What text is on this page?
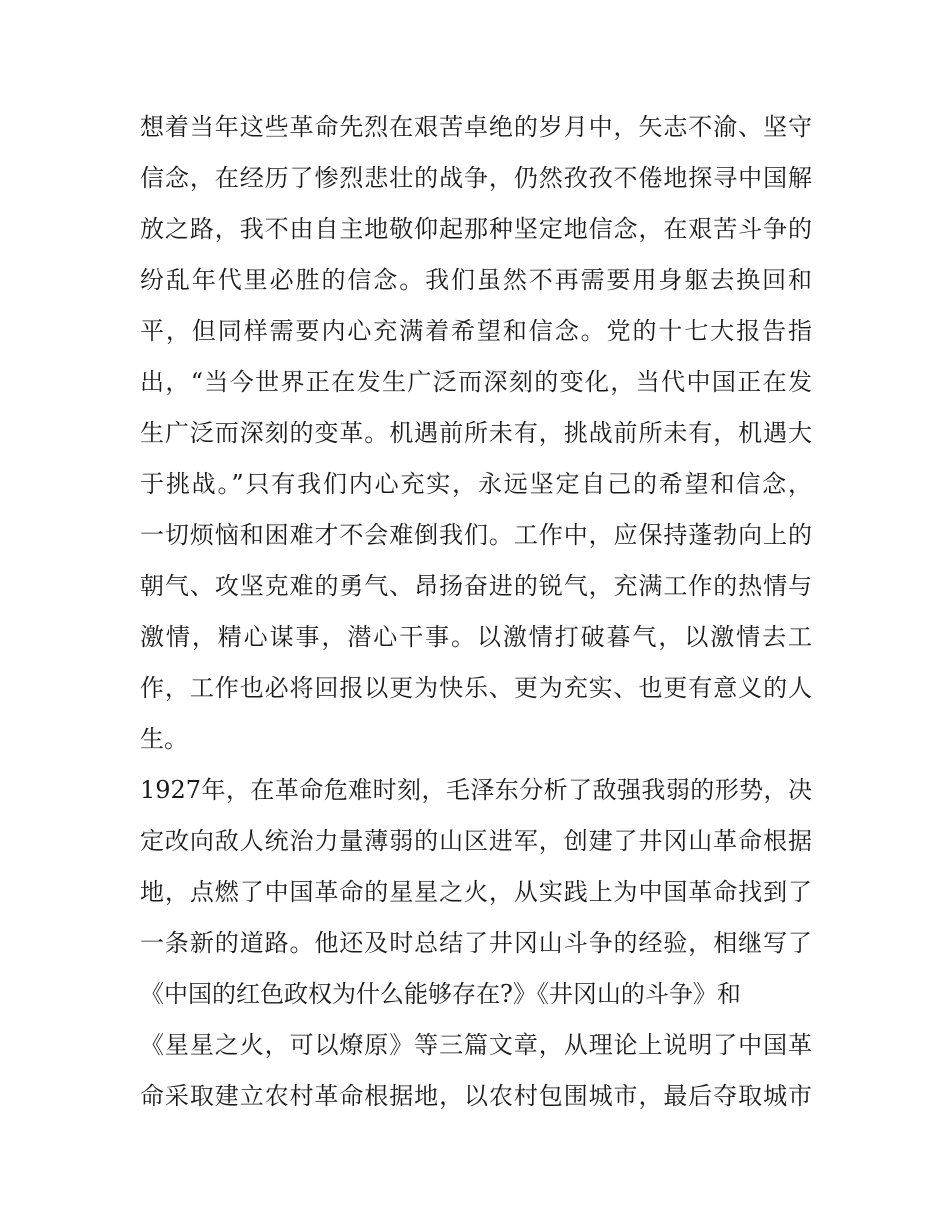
想着当年这些革命先烈在艰苦卓绝的岁月中，矢志不渝、坚守
信念，在经历了惨烈悲壮的战争，仍然孜孜不倦地探寻中国解
放之路，我不由自主地敬仰起那种坚定地信念，在艰苦斗争的
纷乱年代里必胜的信念。我们虽然不再需要用身躯去换回和
平，但同样需要内心充满着希望和信念。党的十七大报告指
出，“当今世界正在发生广泛而深刻的变化，当代中国正在发
生广泛而深刻的变革。机遇前所未有，挑战前所未有，机遇大
于挑战。”只有我们内心充实，永远坚定自己的希望和信念，
一切烦恼和困难才不会难倒我们。工作中，应保持蓬勃向上的
朝气、攻坚克难的勇气、昂扬奋进的锐气，充满工作的热情与
激情，精心谋事，潜心干事。以激情打破暮气，以激情去工
作，工作也必将回报以更为快乐、更为充实、也更有意义的人
生。
1927年，在革命危难时刻，毛泽东分析了敌强我弱的形势，决
定改向敌人统治力量薄弱的山区进军，创建了井冈山革命根据
地，点燃了中国革命的星星之火，从实践上为中国革命找到了
一条新的道路。他还及时总结了井冈山斗争的经验，相继写了
《中国的红色政权为什么能够存在?》《井冈山的斗争》和
《星星之火，可以燎原》等三篇文章，从理论上说明了中国革
命采取建立农村革命根据地，以农村包围城市，最后夺取城市
